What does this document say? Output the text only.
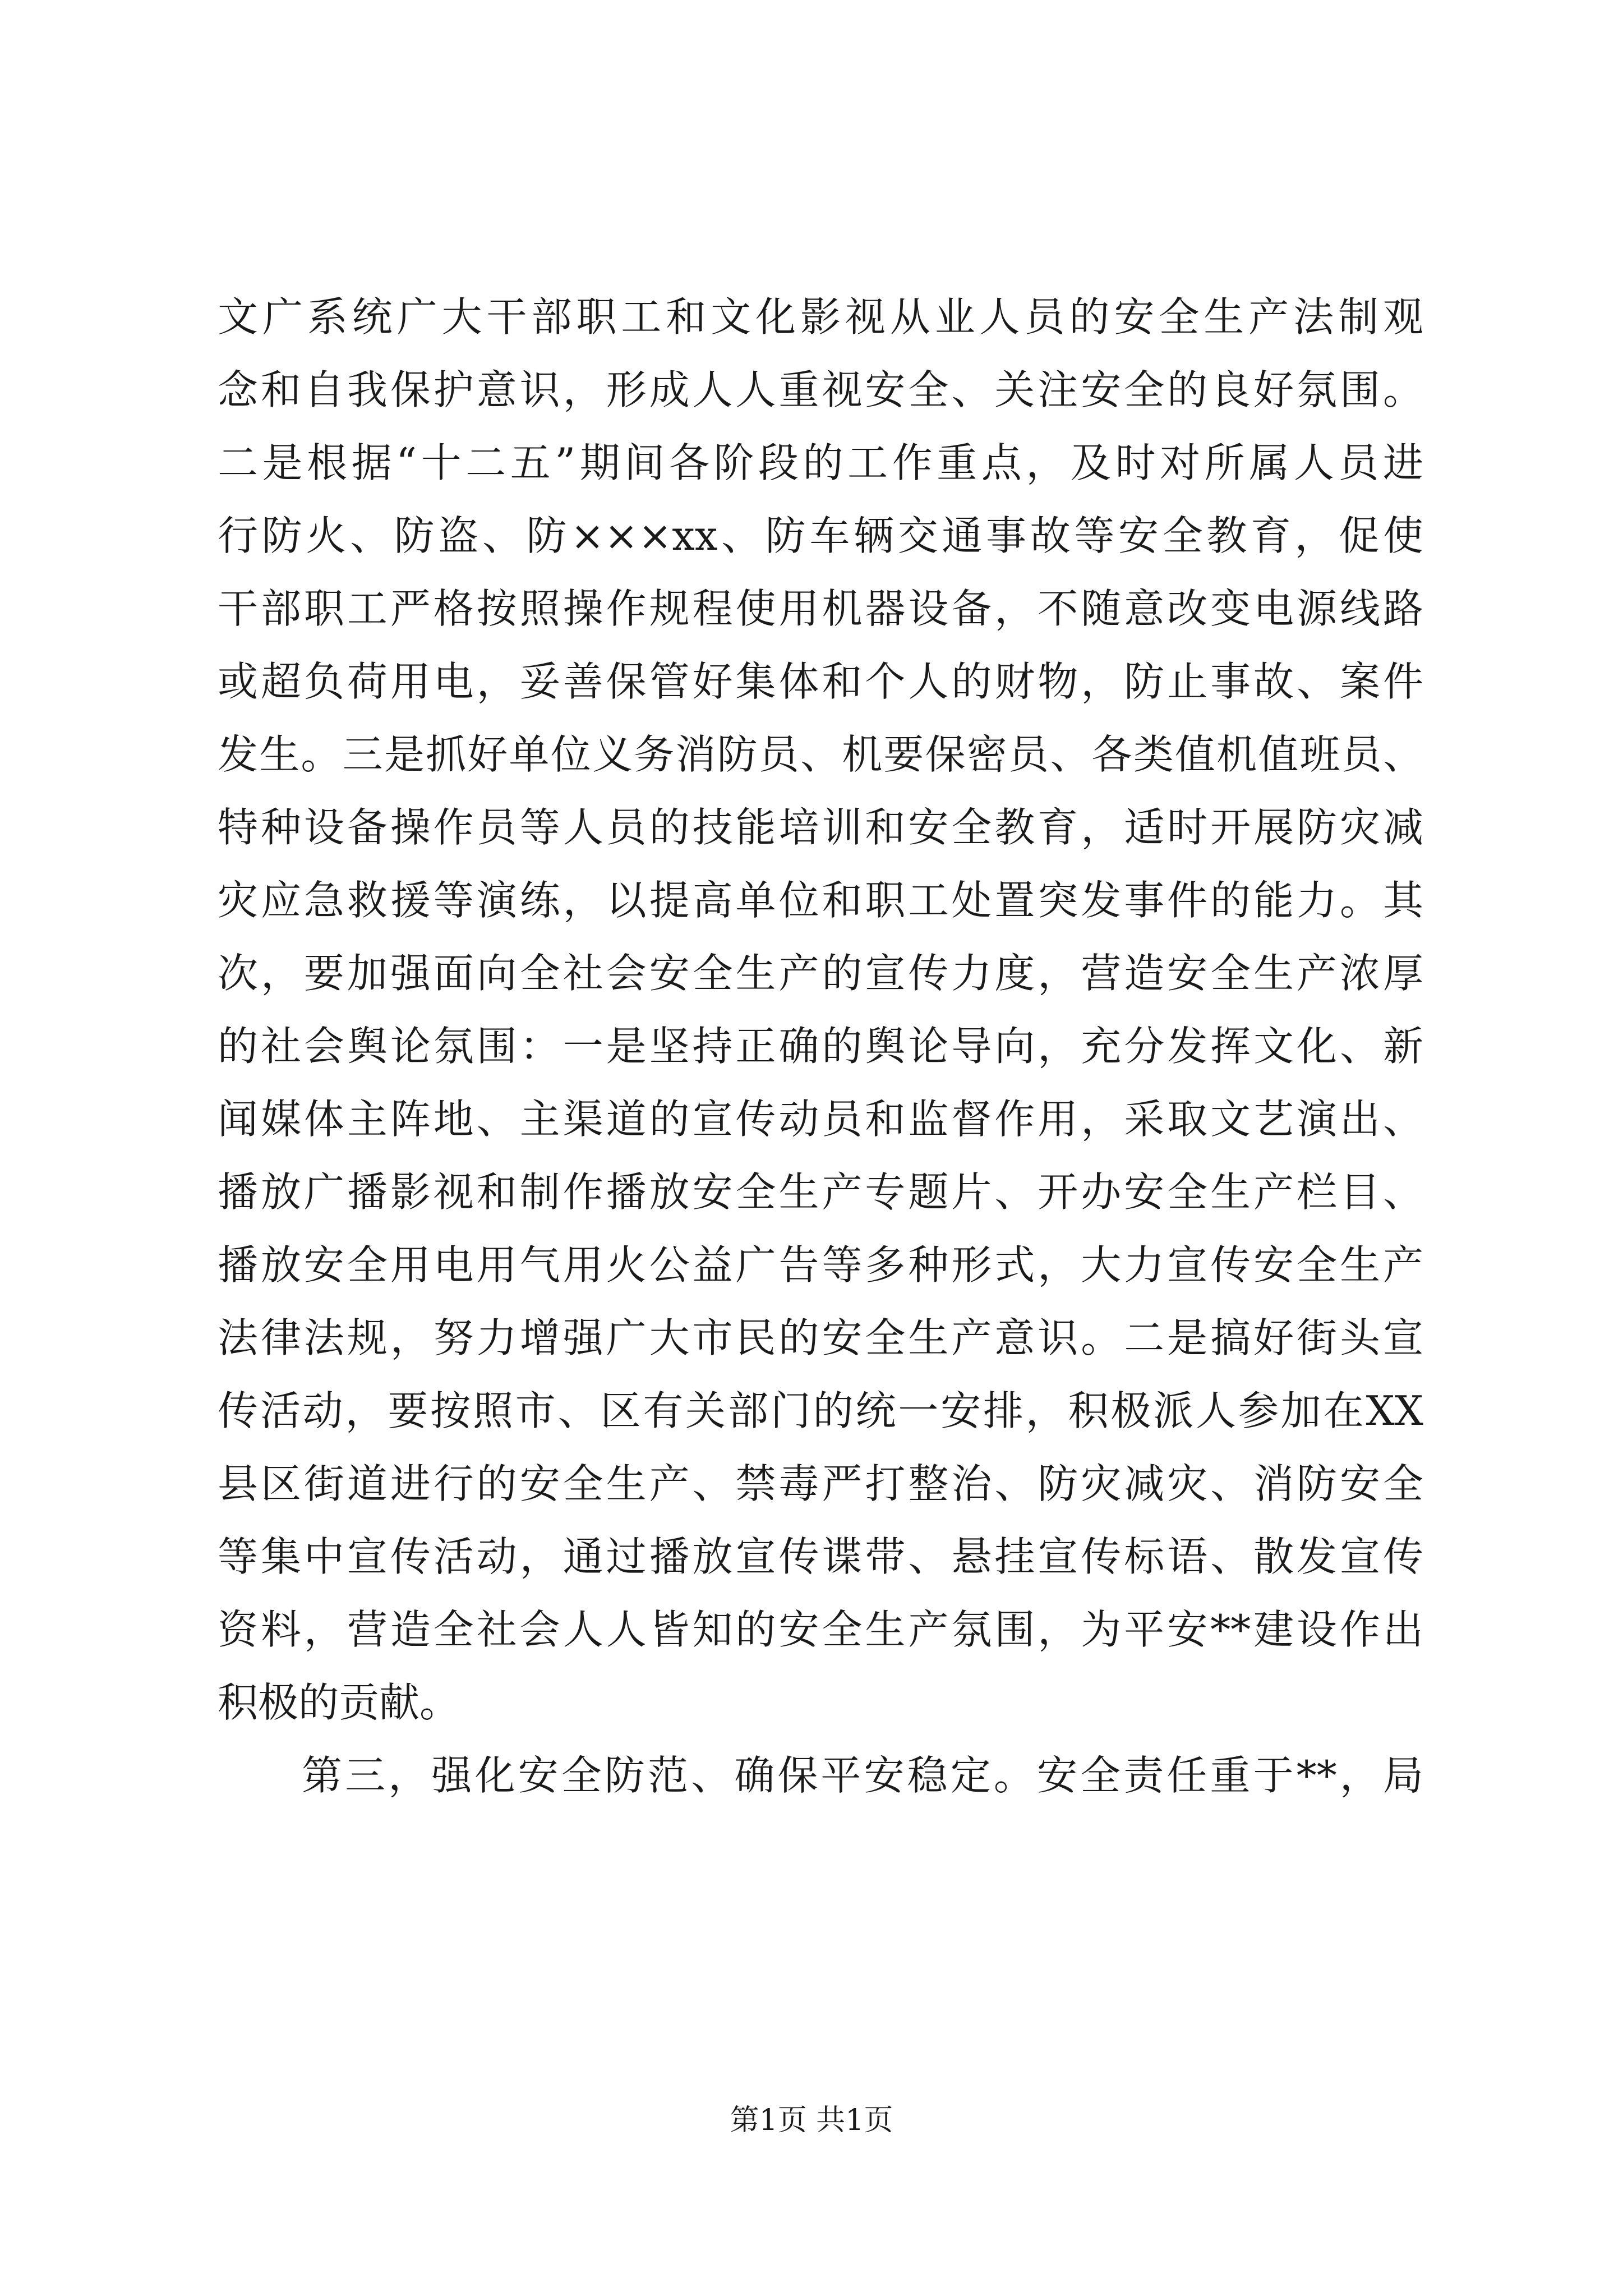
文广系统广大干部职工和文化影视从业人员的安全生产法制观
念和自我保护意识，形成人人重视安全、关注安全的良好氛围。
二是根据“十二五”期间各阶段的工作重点，及时对所属人员进
行防火、防盗、防×××xx、防车辆交通事故等安全教育，促使
干部职工严格按照操作规程使用机器设备，不随意改变电源线路
或超负荷用电，妥善保管好集体和个人的财物，防止事故、案件
发生。三是抓好单位义务消防员、机要保密员、各类值机值班员、
特种设备操作员等人员的技能培训和安全教育，适时开展防灾减
灾应急救援等演练，以提高单位和职工处置突发事件的能力。其
次，要加强面向全社会安全生产的宣传力度，营造安全生产浓厚
的社会舆论氛围：一是坚持正确的舆论导向，充分发挥文化、新
闻媒体主阵地、主渠道的宣传动员和监督作用，采取文艺演出、
播放广播影视和制作播放安全生产专题片、开办安全生产栏目、
播放安全用电用气用火公益广告等多种形式，大力宣传安全生产
法律法规，努力增强广大市民的安全生产意识。二是搞好街头宣
传活动，要按照市、区有关部门的统一安排，积极派人参加在XX
县区街道进行的安全生产、禁毒严打整治、防灾减灾、消防安全
等集中宣传活动，通过播放宣传谍带、悬挂宣传标语、散发宣传
资料，营造全社会人人皆知的安全生产氛围，为平安**建设作出
积极的贡献。
第三，强化安全防范、确保平安稳定。安全责任重于**，局
第1页 共1页
